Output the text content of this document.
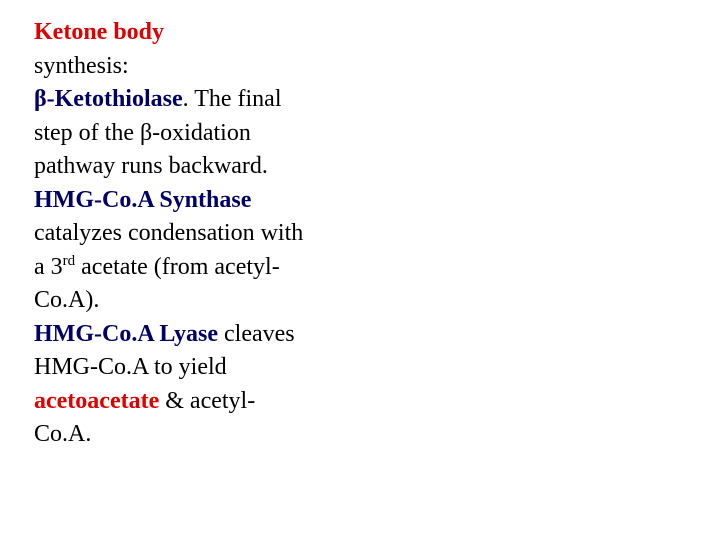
Ketone body
synthesis:

β-Ketothiolase. The final step of the β-oxidation pathway runs backward.

HMG-Co.A Synthase catalyzes condensation with a 3rd acetate (from acetyl-Co.A).

HMG-Co.A Lyase cleaves HMG-Co.A to yield acetoacetate & acetyl-Co.A.
